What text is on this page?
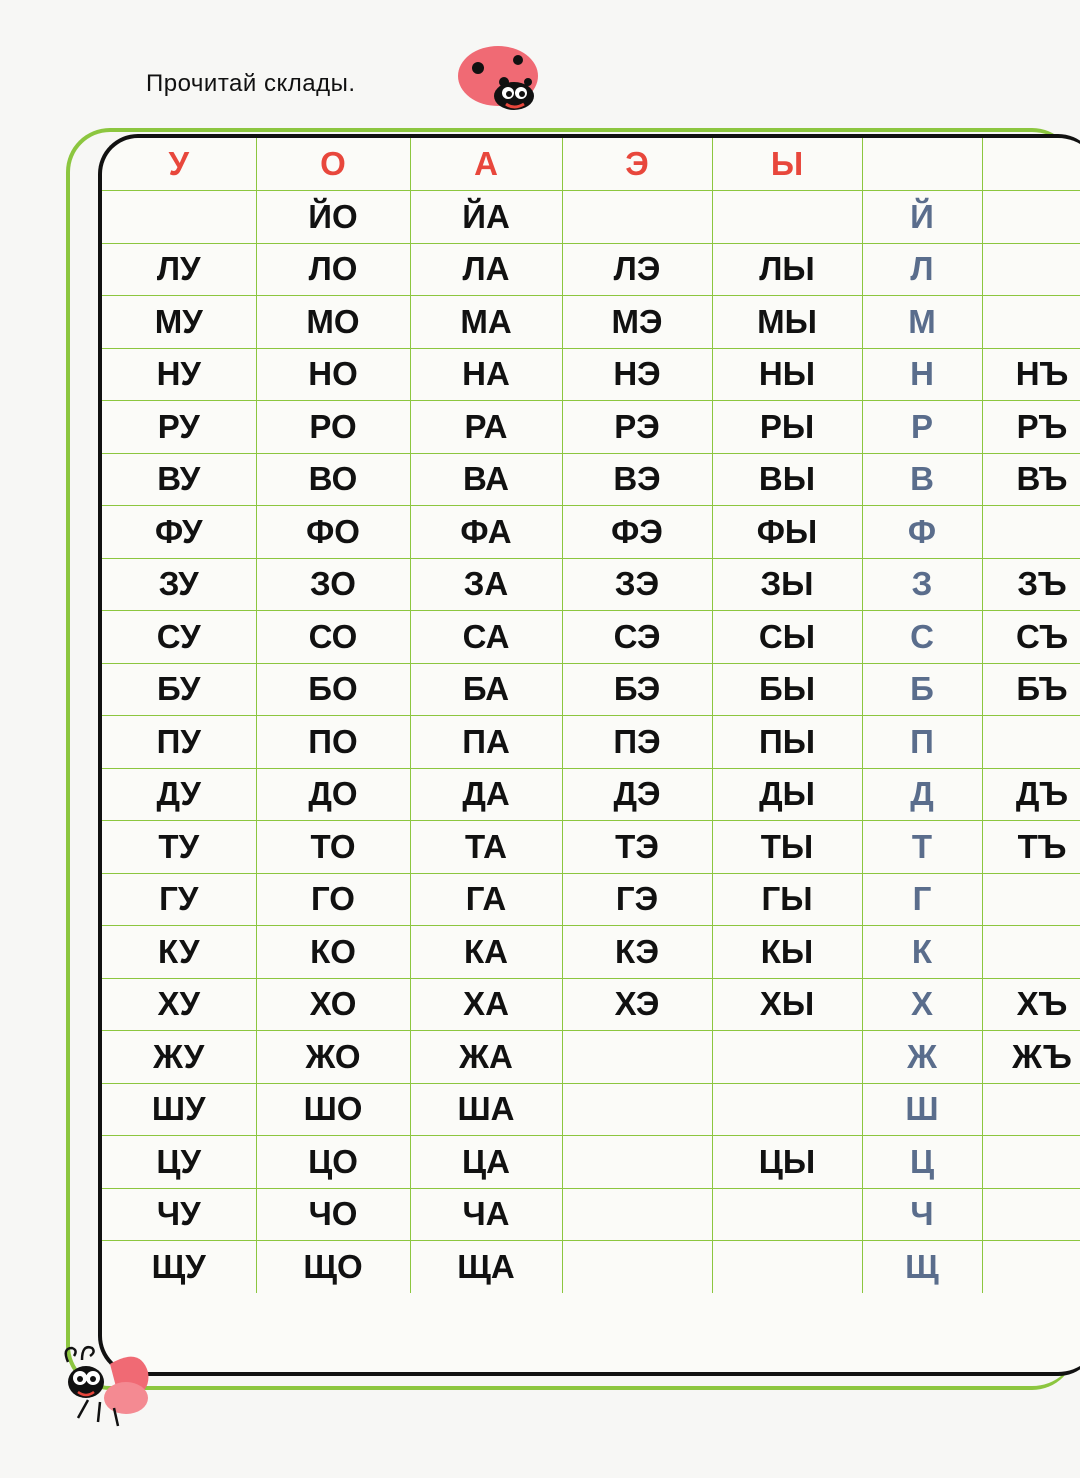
Прочитай склады.
У	О	А	Э	Ы		
	ЙО	ЙА			Й	
ЛУ	ЛО	ЛА	ЛЭ	ЛЫ	Л	
МУ	МО	МА	МЭ	МЫ	М	
НУ	НО	НА	НЭ	НЫ	Н	НЪ
РУ	РО	РА	РЭ	РЫ	Р	РЪ
ВУ	ВО	ВА	ВЭ	ВЫ	В	ВЪ
ФУ	ФО	ФА	ФЭ	ФЫ	Ф	
ЗУ	ЗО	ЗА	ЗЭ	ЗЫ	З	ЗЪ
СУ	СО	СА	СЭ	СЫ	С	СЪ
БУ	БО	БА	БЭ	БЫ	Б	БЪ
ПУ	ПО	ПА	ПЭ	ПЫ	П	
ДУ	ДО	ДА	ДЭ	ДЫ	Д	ДЪ
ТУ	ТО	ТА	ТЭ	ТЫ	Т	ТЪ
ГУ	ГО	ГА	ГЭ	ГЫ	Г	
КУ	КО	КА	КЭ	КЫ	К	
ХУ	ХО	ХА	ХЭ	ХЫ	Х	ХЪ
ЖУ	ЖО	ЖА			Ж	ЖЪ
ШУ	ШО	ША			Ш	
ЦУ	ЦО	ЦА		ЦЫ	Ц	
ЧУ	ЧО	ЧА			Ч	
ЩУ	ЩО	ЩА			Щ	
